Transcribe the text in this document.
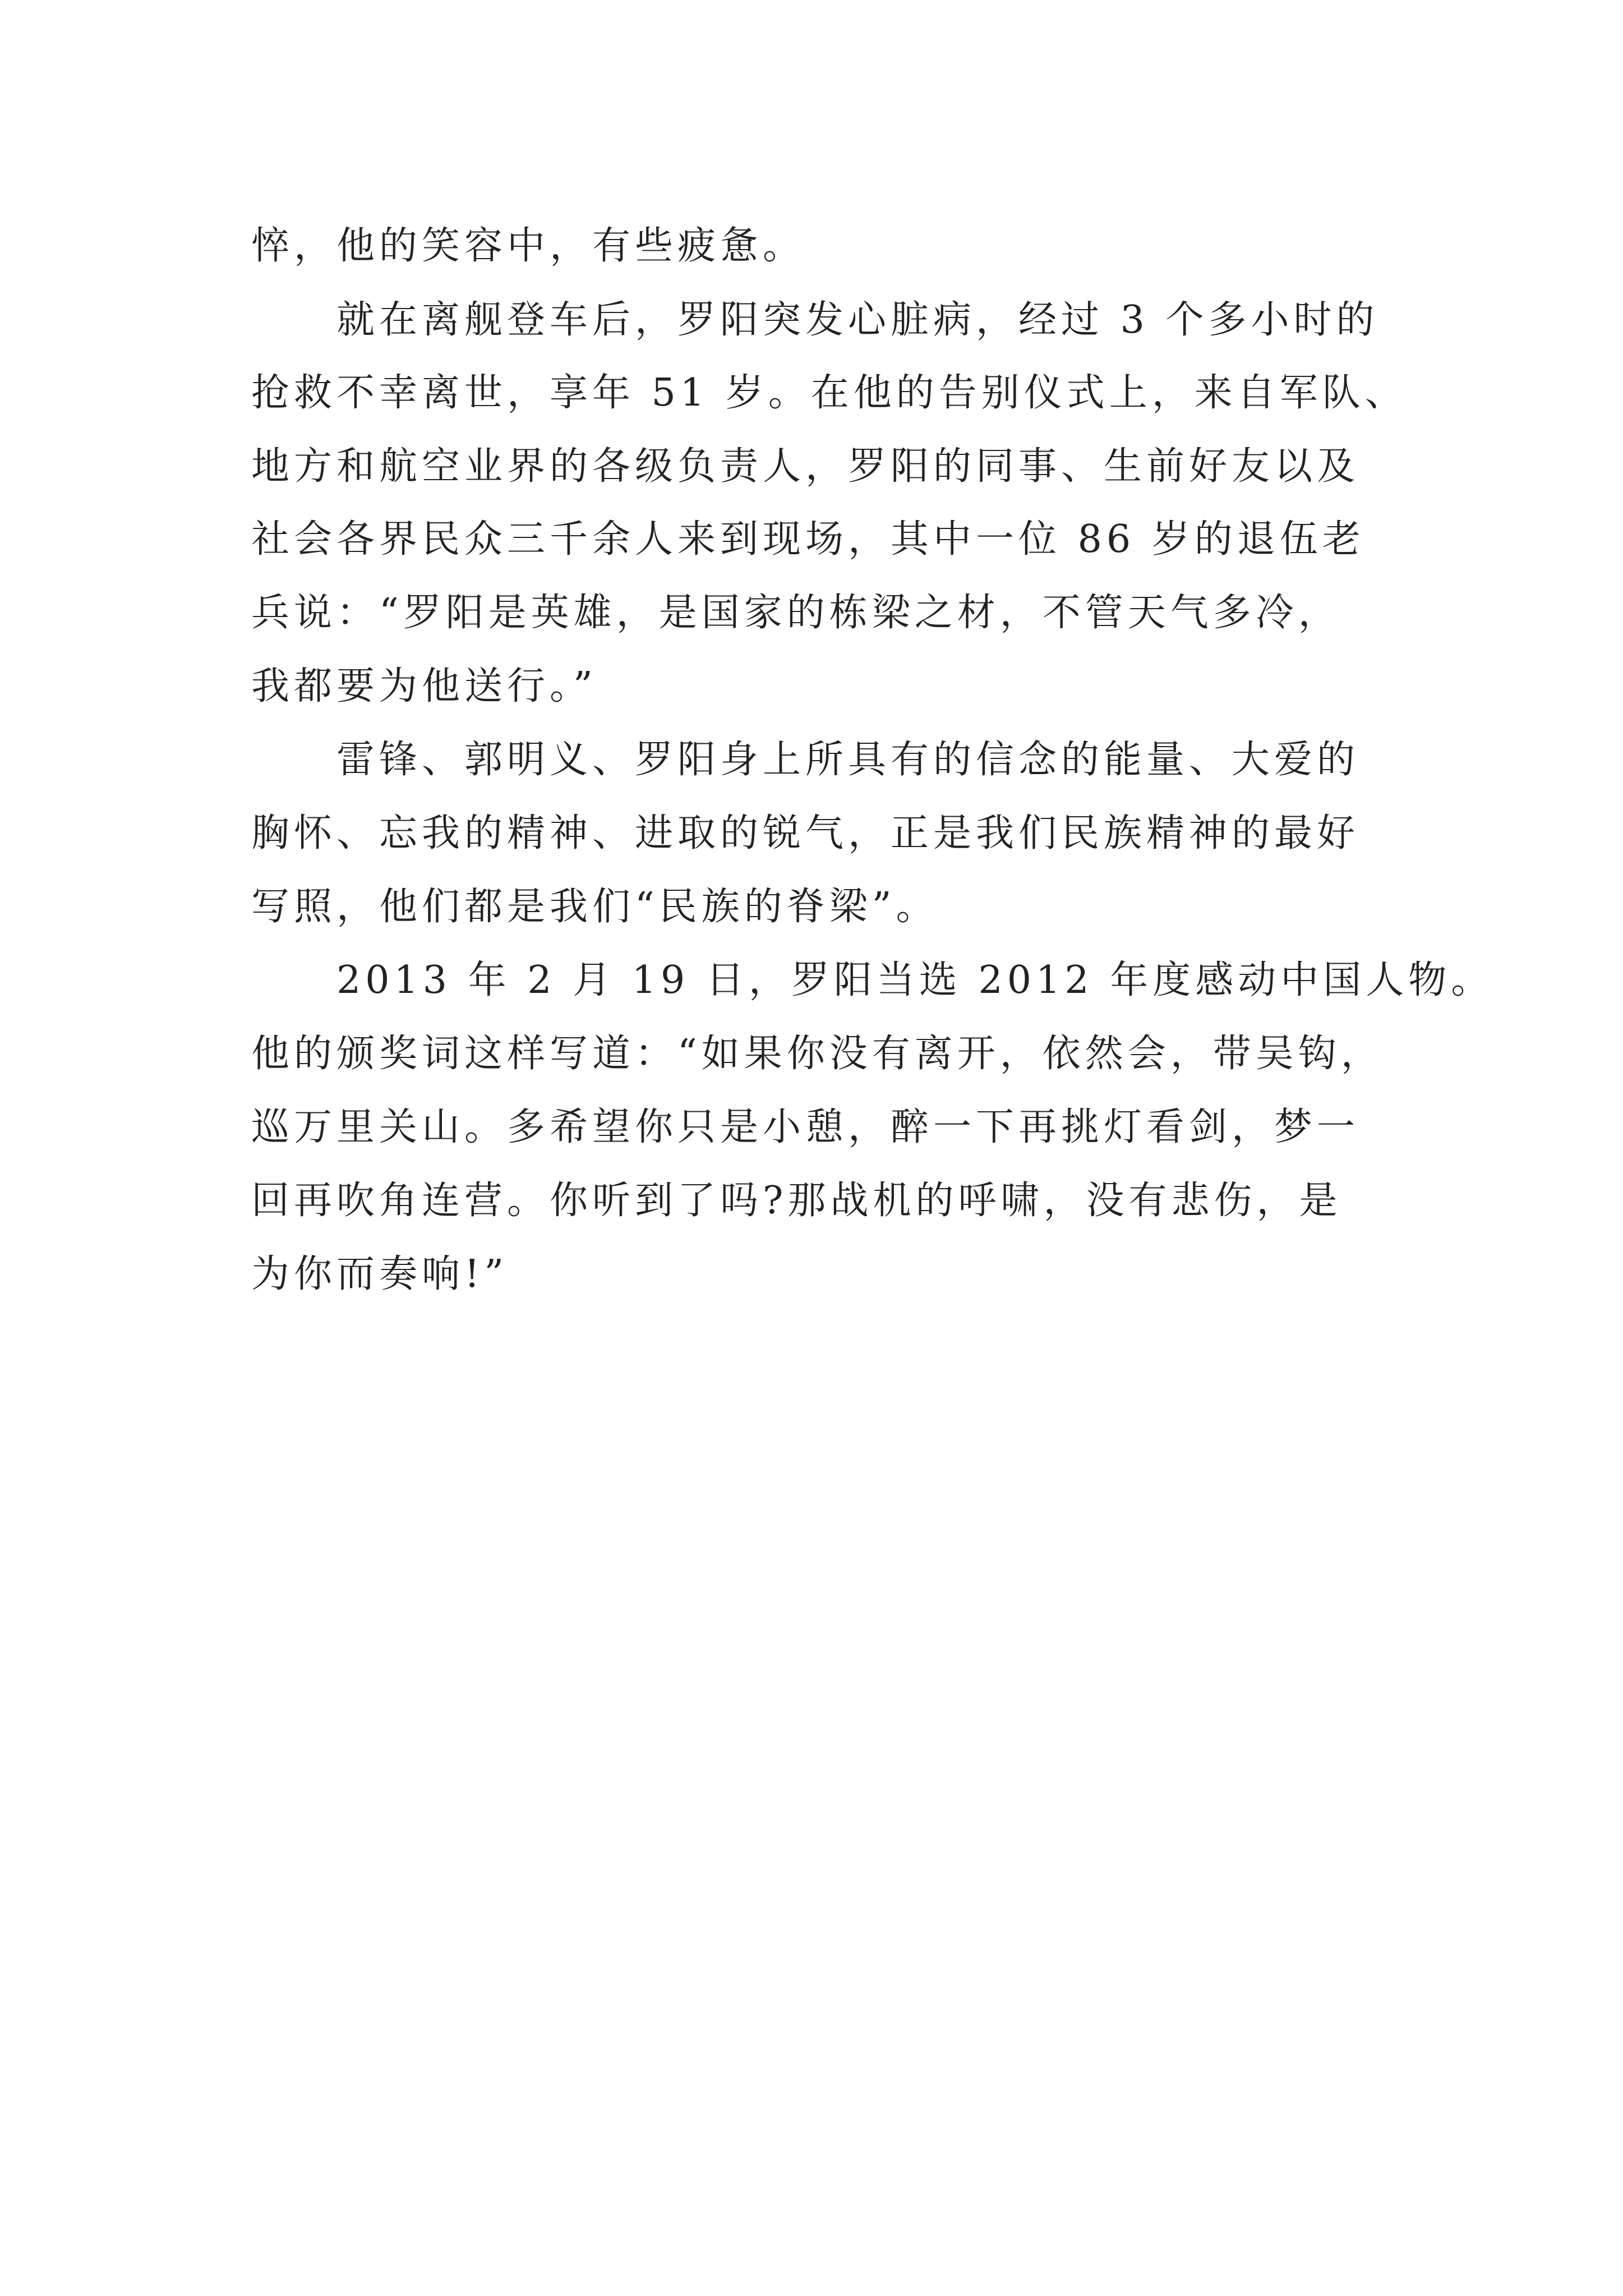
悴，他的笑容中，有些疲惫。
就在离舰登车后，罗阳突发心脏病，经过 3 个多小时的
抢救不幸离世，享年 51 岁。在他的告别仪式上，来自军队、
地方和航空业界的各级负责人，罗阳的同事、生前好友以及
社会各界民众三千余人来到现场，其中一位 86 岁的退伍老
兵说：“罗阳是英雄，是国家的栋梁之材，不管天气多冷，
我都要为他送行。”
雷锋、郭明义、罗阳身上所具有的信念的能量、大爱的
胸怀、忘我的精神、进取的锐气，正是我们民族精神的最好
写照，他们都是我们“民族的脊梁”。
2013 年 2 月 19 日，罗阳当选 2012 年度感动中国人物。
他的颁奖词这样写道：“如果你没有离开，依然会，带吴钩，
巡万里关山。多希望你只是小憩，醉一下再挑灯看剑，梦一
回再吹角连营。你听到了吗?那战机的呼啸，没有悲伤，是
为你而奏响!”
